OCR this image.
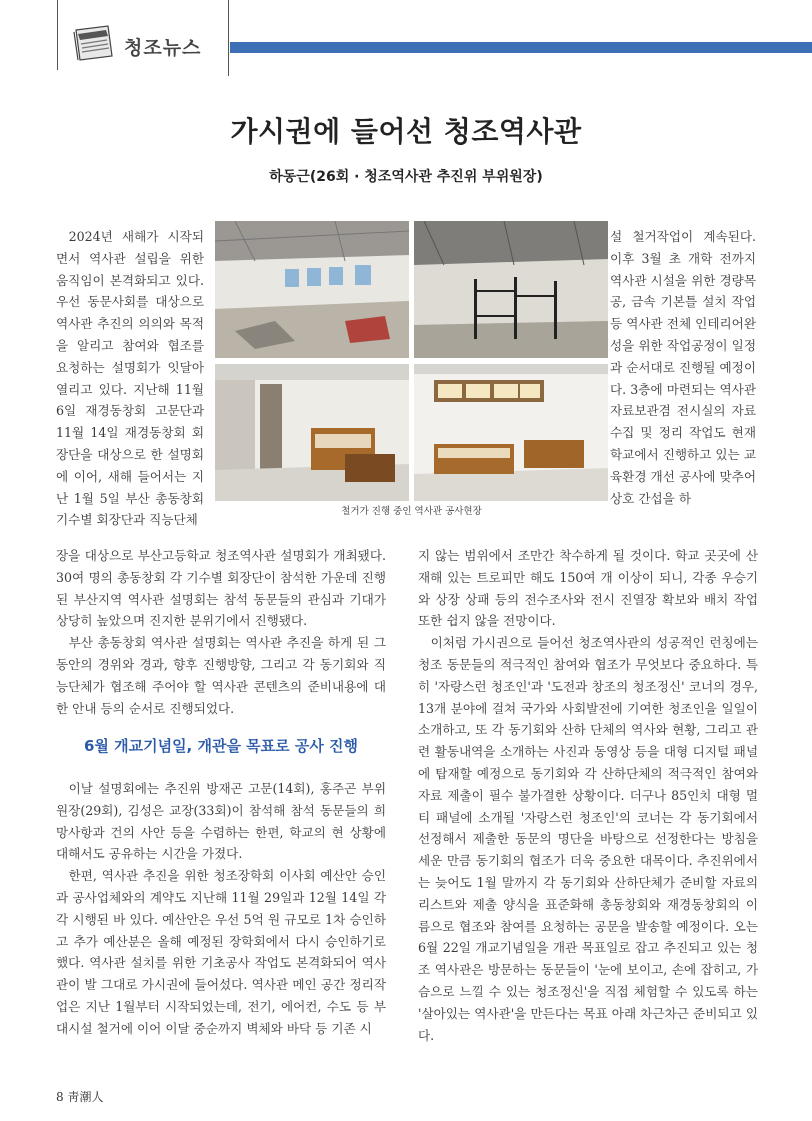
청조뉴스
가시권에 들어선 청조역사관
하동근(26회 · 청조역사관 추진위 부위원장)

2024년 새해가 시작되면서 역사관 설립을 위한 움직임이 본격화되고 있다. 우선 동문사회를 대상으로 역사관 추진의 의의와 목적을 알리고 참여와 협조를 요청하는 설명회가 잇달아 열리고 있다. 지난해 11월 6일 재경동창회 고문단과 11월 14일 재경동창회 회장단을 대상으로 한 설명회에 이어, 새해 들어서는 지난 1월 5일 부산 총동창회 기수별 회장단과 직능단체

철거가 진행 중인 역사관 공사현장

설 철거작업이 계속된다. 이후 3월 초 개학 전까지 역사관 시설을 위한 경량목공, 금속 기본틀 설치 작업 등 역사관 전체 인테리어완성을 위한 작업공정이 일정과 순서대로 진행될 예정이다. 3층에 마련되는 역사관 자료보관겸 전시실의 자료 수집 및 정리 작업도 현재 학교에서 진행하고 있는 교육환경 개선 공사에 맞추어 상호 간섭을 하

장을 대상으로 부산고등학교 청조역사관 설명회가 개최됐다. 30여 명의 총동창회 각 기수별 회장단이 참석한 가운데 진행된 부산지역 역사관 설명회는 참석 동문들의 관심과 기대가 상당히 높았으며 진지한 분위기에서 진행됐다.

부산 총동창회 역사관 설명회는 역사관 추진을 하게 된 그 동안의 경위와 경과, 향후 진행방향, 그리고 각 동기회와 직능단체가 협조해 주어야 할 역사관 콘텐츠의 준비내용에 대한 안내 등의 순서로 진행되었다.

6월 개교기념일, 개관을 목표로 공사 진행

이날 설명회에는 추진위 방재곤 고문(14회), 홍주곤 부위원장(29회), 김성은 교장(33회)이 참석해 참석 동문들의 희망사항과 건의 사안 등을 수렴하는 한편, 학교의 현 상황에 대해서도 공유하는 시간을 가졌다.

한편, 역사관 추진을 위한 청조장학회 이사회 예산안 승인과 공사업체와의 계약도 지난해 11월 29일과 12월 14일 각각 시행된 바 있다. 예산안은 우선 5억 원 규모로 1차 승인하고 추가 예산분은 올해 예정된 장학회에서 다시 승인하기로 했다. 역사관 설치를 위한 기초공사 작업도 본격화되어 역사관이 발 그대로 가시권에 들어섰다. 역사관 메인 공간 정리작업은 지난 1월부터 시작되었는데, 전기, 에어컨, 수도 등 부대시설 철거에 이어 이달 중순까지 벽체와 바닥 등 기존 시

지 않는 범위에서 조만간 착수하게 될 것이다. 학교 곳곳에 산재해 있는 트로피만 해도 150여 개 이상이 되니, 각종 우승기와 상장 상패 등의 전수조사와 전시 진열장 확보와 배치 작업 또한 쉽지 않을 전망이다.

이처럼 가시권으로 들어선 청조역사관의 성공적인 런칭에는 청조 동문들의 적극적인 참여와 협조가 무엇보다 중요하다. 특히 '자랑스런 청조인'과 '도전과 창조의 청조정신' 코너의 경우, 13개 분야에 걸쳐 국가와 사회발전에 기여한 청조인을 일일이 소개하고, 또 각 동기회와 산하 단체의 역사와 현황, 그리고 관련 활동내역을 소개하는 사진과 동영상 등을 대형 디지털 패널에 탑재할 예정으로 동기회와 각 산하단체의 적극적인 참여와 자료 제출이 필수 불가결한 상황이다. 더구나 85인치 대형 멀티 패널에 소개될 '자랑스런 청조인'의 코너는 각 동기회에서 선정해서 제출한 동문의 명단을 바탕으로 선정한다는 방침을 세운 만큼 동기회의 협조가 더욱 중요한 대목이다. 추진위에서는 늦어도 1월 말까지 각 동기회와 산하단체가 준비할 자료의 리스트와 제출 양식을 표준화해 총동창회와 재경동창회의 이름으로 협조와 참여를 요청하는 공문을 발송할 예정이다. 오는 6월 22일 개교기념일을 개관 목표일로 잡고 추진되고 있는 청조 역사관은 방문하는 동문들이 '눈에 보이고, 손에 잡히고, 가슴으로 느낄 수 있는 청조정신'을 직접 체험할 수 있도록 하는 '살아있는 역사관'을 만든다는 목표 아래 차근차근 준비되고 있다.

8 靑潮人
